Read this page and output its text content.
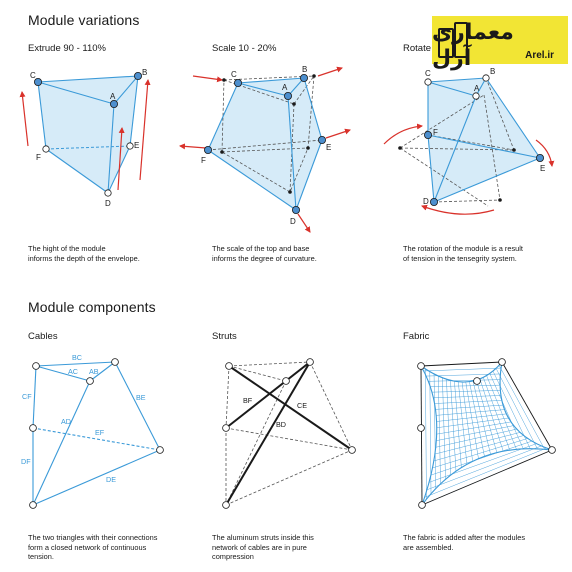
Module variations
Module components
Extrude 90 - 110%	Scale 10 - 20%	Rotate
Cables	Struts	Fabric
معماری آرل	Arel.ir
The hight of the module
informs the depth of the envelope.
The scale of the top and base
informs the degree of curvature.
The rotation of the module is a result
of tension in the tensegrity system.
The two triangles with their connections
form a closed network of continuous
tension.
The aluminum struts inside this
network of cables are in pure
compression
The fabric is added after the modules
are assembled.
C	B
A
F
E
D
C
B
A
F
E
D
C	B
A
F
E
D
BC
AC AB
CF	BE
AD
EF
DF
DE
BF
CE
BD
